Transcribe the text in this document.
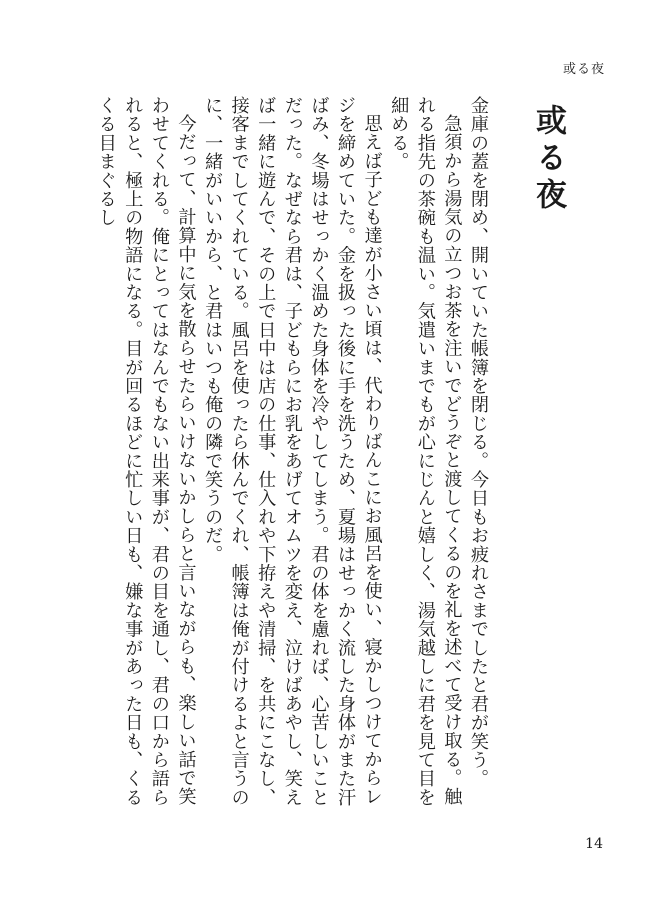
或る夜
或る夜

金庫の蓋を閉め、開いていた帳簿を閉じる。今日もお疲れさまでしたと君が笑う。

急須から湯気の立つお茶を注いでどうぞと渡してくるのを礼を述べて受け取る。触れる指先の茶碗も温い。気遣いまでもが心にじんと嬉しく、湯気越しに君を見て目を細める。

思えば子ども達が小さい頃は、代わりばんこにお風呂を使い、寝かしつけてからレジを締めていた。金を扱った後に手を洗うため、夏場はせっかく流した身体がまた汗ばみ、冬場はせっかく温めた身体を冷やしてしまう。君の体を慮れば、心苦しいことだった。なぜなら君は、子どもらにお乳をあげてオムツを変え、泣けばあやし、笑えば一緒に遊んで、その上で日中は店の仕事、仕入れや下拵えや清掃、を共にこなし、接客までしてくれている。風呂を使ったら休んでくれ、帳簿は俺が付けるよと言うのに、一緒がいいから、と君はいつも俺の隣で笑うのだ。

今だって、計算中に気を散らせたらいけないかしらと言いながらも、楽しい話で笑わせてくれる。俺にとってはなんでもない出来事が、君の目を通し、君の口から語られると、極上の物語になる。目が回るほどに忙しい日も、嫌な事があった日も、くるくる目まぐるし

14
